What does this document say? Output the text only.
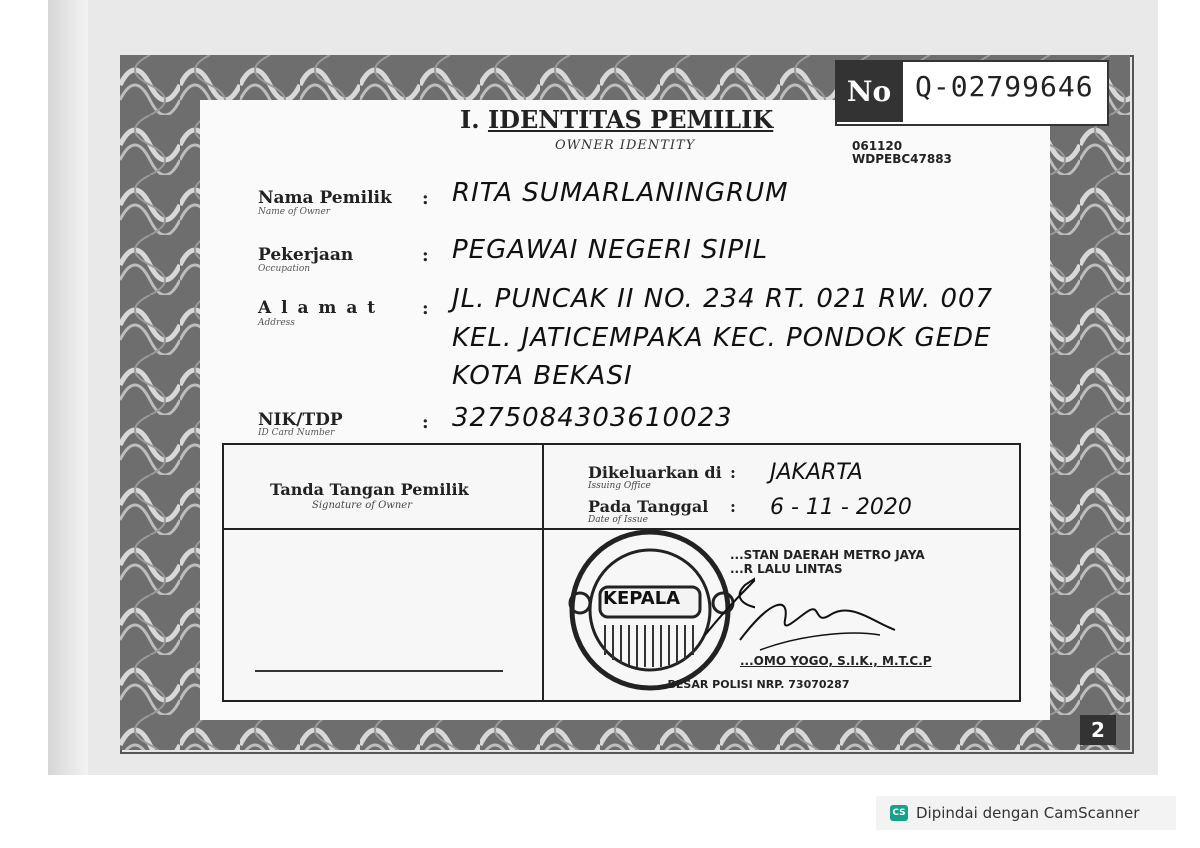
No Q-02799646
I. IDENTITAS PEMILIK
OWNER IDENTITY	061120
WDPEBC47883
Nama Pemilik
Name of Owner
: RITA SUMARLANINGRUM
Pekerjaan
Occupation
: PEGAWAI NEGERI SIPIL
A l a m a t
Address
: JL. PUNCAK II NO. 234 RT. 021 RW. 007
KEL. JATICEMPAKA KEC. PONDOK GEDE
KOTA BEKASI
NIK/TDP
ID Card Number	: 3275084303610023
Tanda Tangan Pemilik
Signature of Owner
Dikeluarkan di
Issuing Office
: JAKARTA
Pada Tanggal
Date of Issue
: 6 - 11 - 2020
...STAN DAERAH METRO JAYA
...R LALU LINTAS
KEPALA
...OMO YOGO, S.I.K., M.T.C.P
...BESAR POLISI NRP. 73070287
2
CS Dipindai dengan CamScanner
